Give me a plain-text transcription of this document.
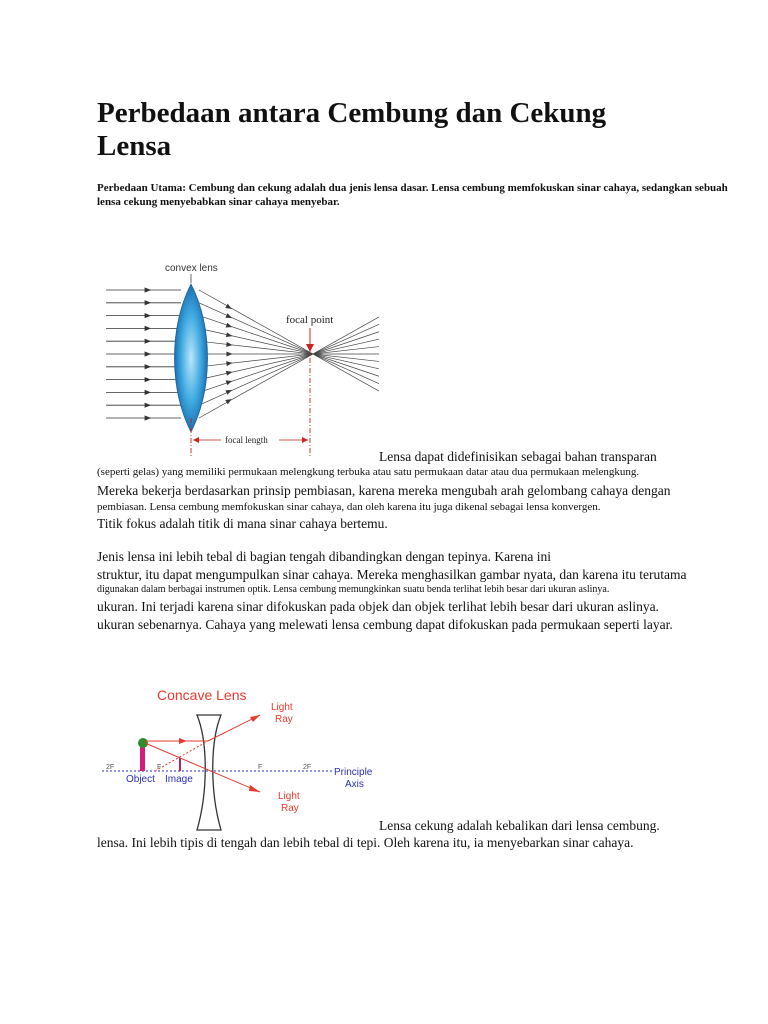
Perbedaan antara Cembung dan Cekung
Lensa
Perbedaan Utama: Cembung dan cekung adalah dua jenis lensa dasar. Lensa cembung memfokuskan sinar cahaya, sedangkan sebuah
lensa cekung menyebabkan sinar cahaya menyebar.
convex lens
focal point
focal length
Lensa dapat didefinisikan sebagai bahan transparan
(seperti gelas) yang memiliki permukaan melengkung terbuka atau satu permukaan datar atau dua permukaan melengkung.
Mereka bekerja berdasarkan prinsip pembiasan, karena mereka mengubah arah gelombang cahaya dengan
pembiasan. Lensa cembung memfokuskan sinar cahaya, dan oleh karena itu juga dikenal sebagai lensa konvergen.
Titik fokus adalah titik di mana sinar cahaya bertemu.
Jenis lensa ini lebih tebal di bagian tengah dibandingkan dengan tepinya. Karena ini
struktur, itu dapat mengumpulkan sinar cahaya. Mereka menghasilkan gambar nyata, dan karena itu terutama
digunakan dalam berbagai instrumen optik. Lensa cembung memungkinkan suatu benda terlihat lebih besar dari ukuran aslinya.
ukuran. Ini terjadi karena sinar difokuskan pada objek dan objek terlihat lebih besar dari ukuran aslinya.
ukuran sebenarnya. Cahaya yang melewati lensa cembung dapat difokuskan pada permukaan seperti layar.
Concave Lens
2F	F	F	2F
Light
Ray
Light
Ray
Principle
Axis
Object Image
Lensa cekung adalah kebalikan dari lensa cembung.
lensa. Ini lebih tipis di tengah dan lebih tebal di tepi. Oleh karena itu, ia menyebarkan sinar cahaya.
